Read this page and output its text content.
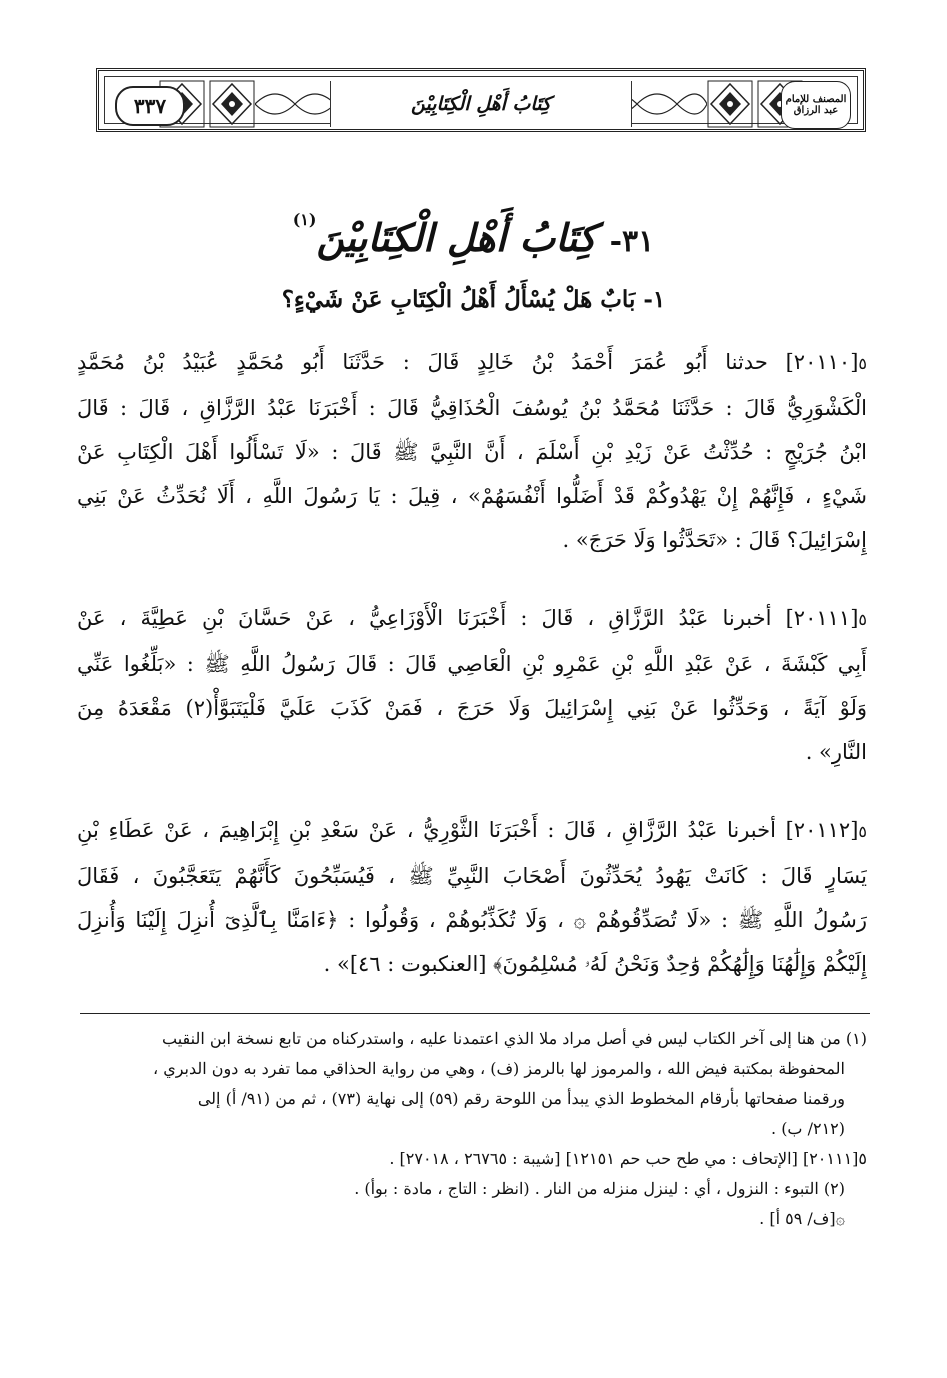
المصنف للإمام عبد الرزاق
كِتَابُ أَهْلِ الْكِتَابِيْنَ
٣٣٧
٣١- كِتَابُ أَهْلِ الْكِتَابِيْنَ$^{(١)}$
١- بَابٌ هَلْ يُسْأَلُ أَهْلُ الْكِتَابِ عَنْ شَيْءٍ؟
٥[٢٠١١٠] حدثنا أَبُو عُمَرَ أَحْمَدُ بْنُ خَالِدٍ قَالَ : حَدَّثَنَا أَبُو مُحَمَّدٍ عُبَيْدُ بْنُ مُحَمَّدٍ
الْكَشْوَرِيُّ قَالَ : حَدَّثَنَا مُحَمَّدُ بْنُ يُوسُفَ الْحُذَاقِيُّ قَالَ : أَخْبَرَنَا عَبْدُ الرَّزَّاقِ ، قَالَ : قَالَ
ابْنُ جُرَيْجٍ : حُدِّثْتُ عَنْ زَيْدِ بْنِ أَسْلَمَ ، أَنَّ النَّبِيَّ ﷺ قَالَ : «لَا تَسْأَلُوا أَهْلَ الْكِتَابِ عَنْ
شَيْءٍ ، فَإِنَّهُمْ إِنْ يَهْدُوكُمْ قَدْ أَضَلُّوا أَنْفُسَهُمْ» ، قِيلَ : يَا رَسُولَ اللَّهِ ، أَلَا نُحَدِّثُ عَنْ بَنِي
إِسْرَائِيلَ؟ قَالَ : «تَحَدَّثُوا وَلَا حَرَجَ» .
٥[٢٠١١١] أخبرنا عَبْدُ الرَّزَّاقِ ، قَالَ : أَخْبَرَنَا الْأَوْزَاعِيُّ ، عَنْ حَسَّانَ بْنِ عَطِيَّةَ ، عَنْ
أَبِي كَبْشَةَ ، عَنْ عَبْدِ اللَّهِ بْنِ عَمْرِو بْنِ الْعَاصِي قَالَ : قَالَ رَسُولُ اللَّهِ ﷺ : «بَلِّغُوا عَنِّي
وَلَوْ آيَةً ، وَحَدِّثُوا عَنْ بَنِي إِسْرَائِيلَ وَلَا حَرَجَ ، فَمَنْ كَذَبَ عَلَيَّ فَلْيَتَبَوَّأْ(٢) مَقْعَدَهُ مِنَ
النَّارِ» .
٥[٢٠١١٢] أخبرنا عَبْدُ الرَّزَّاقِ ، قَالَ : أَخْبَرَنَا الثَّوْرِيُّ ، عَنْ سَعْدِ بْنِ إِبْرَاهِيمَ ، عَنْ عَطَاءِ بْنِ
يَسَارٍ قَالَ : كَانَتْ يَهُودُ يُحَدِّثُونَ أَصْحَابَ النَّبِيِّ ﷺ ، فَيُسَبِّحُونَ كَأَنَّهُمْ يَتَعَجَّبُونَ ، فَقَالَ
رَسُولُ اللَّهِ ﷺ : «لَا تُصَدِّقُوهُمْ ۞ ، وَلَا تُكَذِّبُوهُمْ ، وَقُولُوا : ﴿ءَامَنَّا بِٱلَّذِىٓ أُنزِلَ إِلَيْنَا وَأُنزِلَ
إِلَيْكُمْ وَإِلَٰهُنَا وَإِلَٰهُكُمْ وَٰحِدٌ وَنَحْنُ لَهُۥ مُسْلِمُونَ﴾ [العنكبوت : ٤٦]» .
(١) من هنا إلى آخر الكتاب ليس في أصل مراد ملا الذي اعتمدنا عليه ، واستدركناه من تابع نسخة ابن النقيب
المحفوظة بمكتبة فيض الله ، والمرموز لها بالرمز (ف) ، وهي من رواية الحذاقي مما تفرد به دون الدبري ،
ورقمنا صفحاتها بأرقام المخطوط الذي يبدأ من اللوحة رقم (٥٩) إلى نهاية (٧٣) ، ثم من (٩١/ أ) إلى
(٢١٢/ ب) .
٥[٢٠١١١] [الإتحاف : مي طح حب حم ١٢١٥١] [شيبة : ٢٦٧٦٥ ، ٢٧٠١٨] .
(٢) التبوء : النزول ، أي : لينزل منزله من النار . (انظر : التاج ، مادة : بوأ) .
۞[ف/ ٥٩ أ] .
